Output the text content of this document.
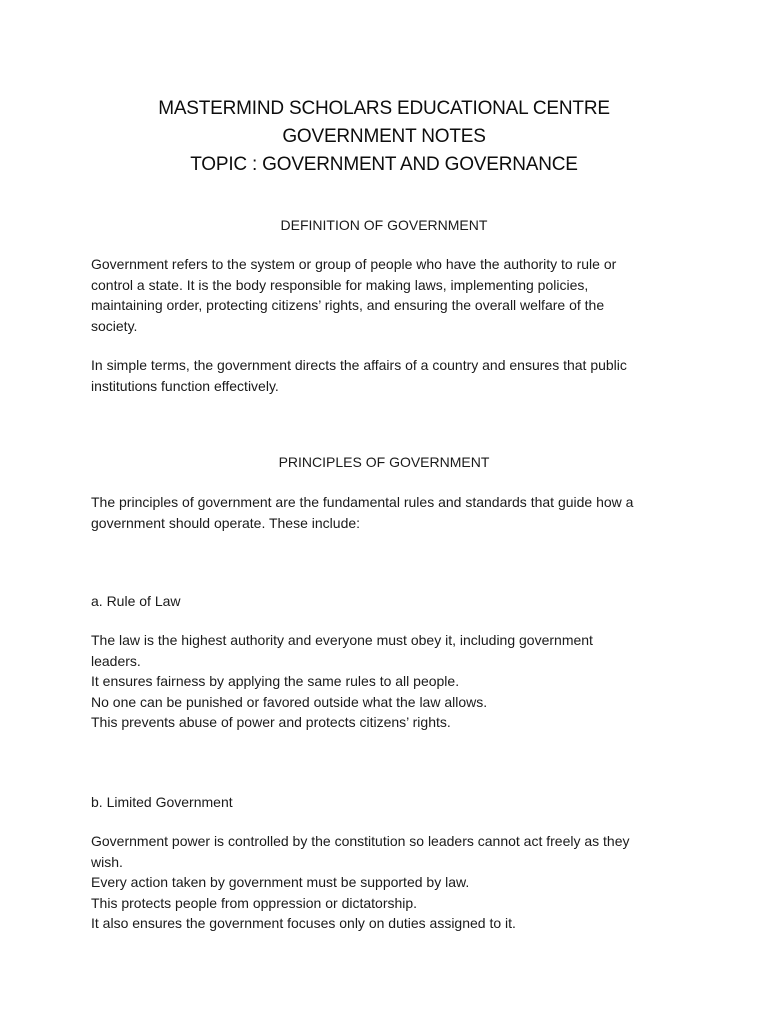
MASTERMIND SCHOLARS EDUCATIONAL CENTRE
GOVERNMENT NOTES
TOPIC : GOVERNMENT AND GOVERNANCE
DEFINITION OF GOVERNMENT
Government refers to the system or group of people who have the authority to rule or
control a state. It is the body responsible for making laws, implementing policies,
maintaining order, protecting citizens’ rights, and ensuring the overall welfare of the
society.
In simple terms, the government directs the affairs of a country and ensures that public
institutions function effectively.
PRINCIPLES OF GOVERNMENT
The principles of government are the fundamental rules and standards that guide how a
government should operate. These include:
a. Rule of Law
The law is the highest authority and everyone must obey it, including government
leaders.
It ensures fairness by applying the same rules to all people.
No one can be punished or favored outside what the law allows.
This prevents abuse of power and protects citizens’ rights.
b. Limited Government
Government power is controlled by the constitution so leaders cannot act freely as they
wish.
Every action taken by government must be supported by law.
This protects people from oppression or dictatorship.
It also ensures the government focuses only on duties assigned to it.
